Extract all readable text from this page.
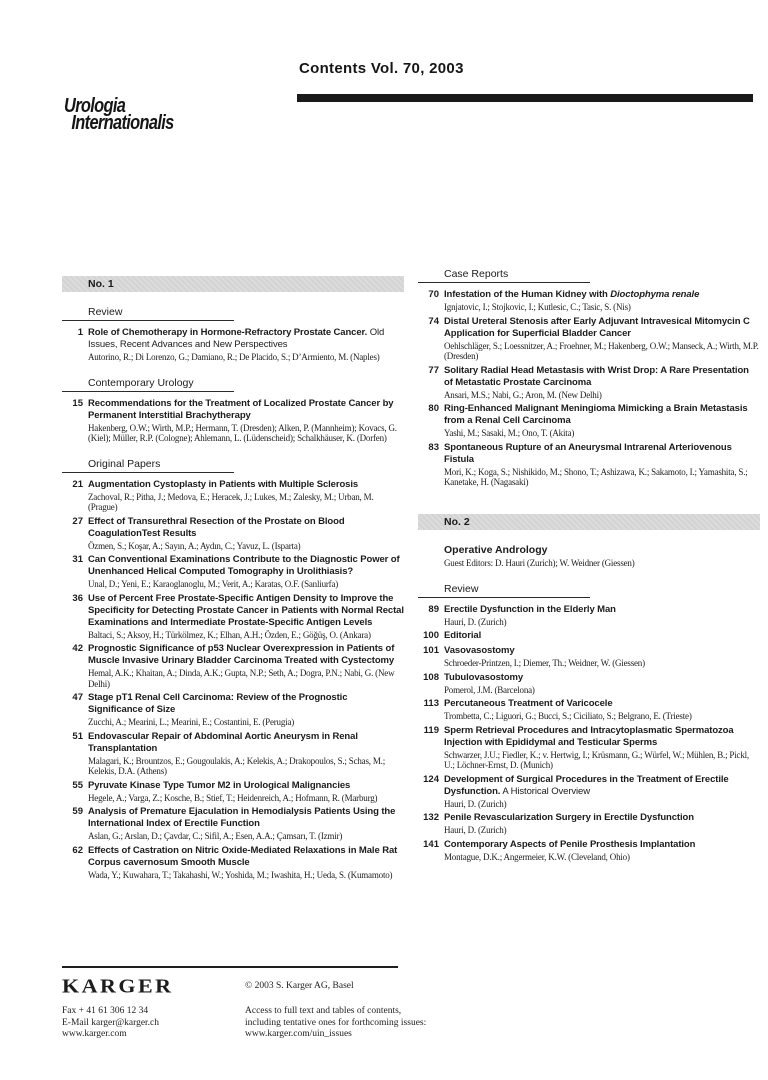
Urologia
Internationalis
Contents Vol. 70, 2003
No. 1
Review
1 Role of Chemotherapy in Hormone-Refractory Prostate Cancer. Old Issues, Recent Advances and New Perspectives
Autorino, R.; Di Lorenzo, G.; Damiano, R.; De Placido, S.; D’Armiento, M. (Naples)
Contemporary Urology
15 Recommendations for the Treatment of Localized Prostate Cancer by Permanent Interstitial Brachytherapy
Hakenberg, O.W.; Wirth, M.P.; Hermann, T. (Dresden); Alken, P. (Mannheim); Kovacs, G. (Kiel); Müller, R.P. (Cologne); Ahlemann, L. (Lüdenscheid); Schalkhäuser, K. (Dorfen)
Original Papers
21 Augmentation Cystoplasty in Patients with Multiple Sclerosis
Zachoval, R.; Pitha, J.; Medova, E.; Heracek, J.; Lukes, M.; Zalesky, M.; Urban, M. (Prague)
27 Effect of Transurethral Resection of the Prostate on Blood CoagulationTest Results
Özmen, S.; Koşar, A.; Sayın, A.; Aydın, C.; Yavuz, L. (Isparta)
31 Can Conventional Examinations Contribute to the Diagnostic Power of Unenhanced Helical Computed Tomography in Urolithiasis?
Unal, D.; Yeni, E.; Karaoglanoglu, M.; Verit, A.; Karatas, O.F. (Sanliurfa)
36 Use of Percent Free Prostate-Specific Antigen Density to Improve the Specificity for Detecting Prostate Cancer in Patients with Normal Rectal Examinations and Intermediate Prostate-Specific Antigen Levels
Baltaci, S.; Aksoy, H.; Türkölmez, K.; Elhan, A.H.; Özden, E.; Göğüş, O. (Ankara)
42 Prognostic Significance of p53 Nuclear Overexpression in Patients of Muscle Invasive Urinary Bladder Carcinoma Treated with Cystectomy
Hemal, A.K.; Khaitan, A.; Dinda, A.K.; Gupta, N.P.; Seth, A.; Dogra, P.N.; Nabi, G. (New Delhi)
47 Stage pT1 Renal Cell Carcinoma: Review of the Prognostic Significance of Size
Zucchi, A.; Mearini, L.; Mearini, E.; Costantini, E. (Perugia)
51 Endovascular Repair of Abdominal Aortic Aneurysm in Renal Transplantation
Malagari, K.; Brountzos, E.; Gougoulakis, A.; Kelekis, A.; Drakopoulos, S.; Schas, M.; Kelekis, D.A. (Athens)
55 Pyruvate Kinase Type Tumor M2 in Urological Malignancies
Hegele, A.; Varga, Z.; Kosche, B.; Stief, T.; Heidenreich, A.; Hofmann, R. (Marburg)
59 Analysis of Premature Ejaculation in Hemodialysis Patients Using the International Index of Erectile Function
Aslan, G.; Arslan, D.; Çavdar, C.; Sifil, A.; Esen, A.A.; Çamsarı, T. (Izmir)
62 Effects of Castration on Nitric Oxide-Mediated Relaxations in Male Rat Corpus cavernosum Smooth Muscle
Wada, Y.; Kuwahara, T.; Takahashi, W.; Yoshida, M.; Iwashita, H.; Ueda, S. (Kumamoto)
Case Reports
70 Infestation of the Human Kidney with Dioctophyma renale
Ignjatovic, I.; Stojkovic, I.; Kutlesic, C.; Tasic, S. (Nis)
74 Distal Ureteral Stenosis after Early Adjuvant Intravesical Mitomycin C Application for Superficial Bladder Cancer
Oehlschläger, S.; Loessnitzer, A.; Froehner, M.; Hakenberg, O.W.; Manseck, A.; Wirth, M.P. (Dresden)
77 Solitary Radial Head Metastasis with Wrist Drop: A Rare Presentation of Metastatic Prostate Carcinoma
Ansari, M.S.; Nabi, G.; Aron, M. (New Delhi)
80 Ring-Enhanced Malignant Meningioma Mimicking a Brain Metastasis from a Renal Cell Carcinoma
Yashi, M.; Sasaki, M.; Ono, T. (Akita)
83 Spontaneous Rupture of an Aneurysmal Intrarenal Arteriovenous Fistula
Mori, K.; Koga, S.; Nishikido, M.; Shono, T.; Ashizawa, K.; Sakamoto, I.; Yamashita, S.; Kanetake, H. (Nagasaki)
No. 2
Operative Andrology
Guest Editors: D. Hauri (Zurich); W. Weidner (Giessen)
Review
89 Erectile Dysfunction in the Elderly Man
Hauri, D. (Zurich)
100 Editorial
101 Vasovasostomy
Schroeder-Printzen, I.; Diemer, Th.; Weidner, W. (Giessen)
108 Tubulovasostomy
Pomerol, J.M. (Barcelona)
113 Percutaneous Treatment of Varicocele
Trombetta, C.; Liguori, G.; Bucci, S.; Ciciliato, S.; Belgrano, E. (Trieste)
119 Sperm Retrieval Procedures and Intracytoplasmatic Spermatozoa Injection with Epididymal and Testicular Sperms
Schwarzer, J.U.; Fiedler, K.; v. Hertwig, I.; Krüsmann, G.; Würfel, W.; Mühlen, B.; Pickl, U.; Löchner-Ernst, D. (Munich)
124 Development of Surgical Procedures in the Treatment of Erectile Dysfunction. A Historical Overview
Hauri, D. (Zurich)
132 Penile Revascularization Surgery in Erectile Dysfunction
Hauri, D. (Zurich)
141 Contemporary Aspects of Penile Prosthesis Implantation
Montague, D.K.; Angermeier, K.W. (Cleveland, Ohio)
KARGER	© 2003 S. Karger AG, Basel
Fax + 41 61 306 12 34
E-Mail karger@karger.ch
www.karger.com
Access to full text and tables of contents,
including tentative ones for forthcoming issues:
www.karger.com/uin_issues
